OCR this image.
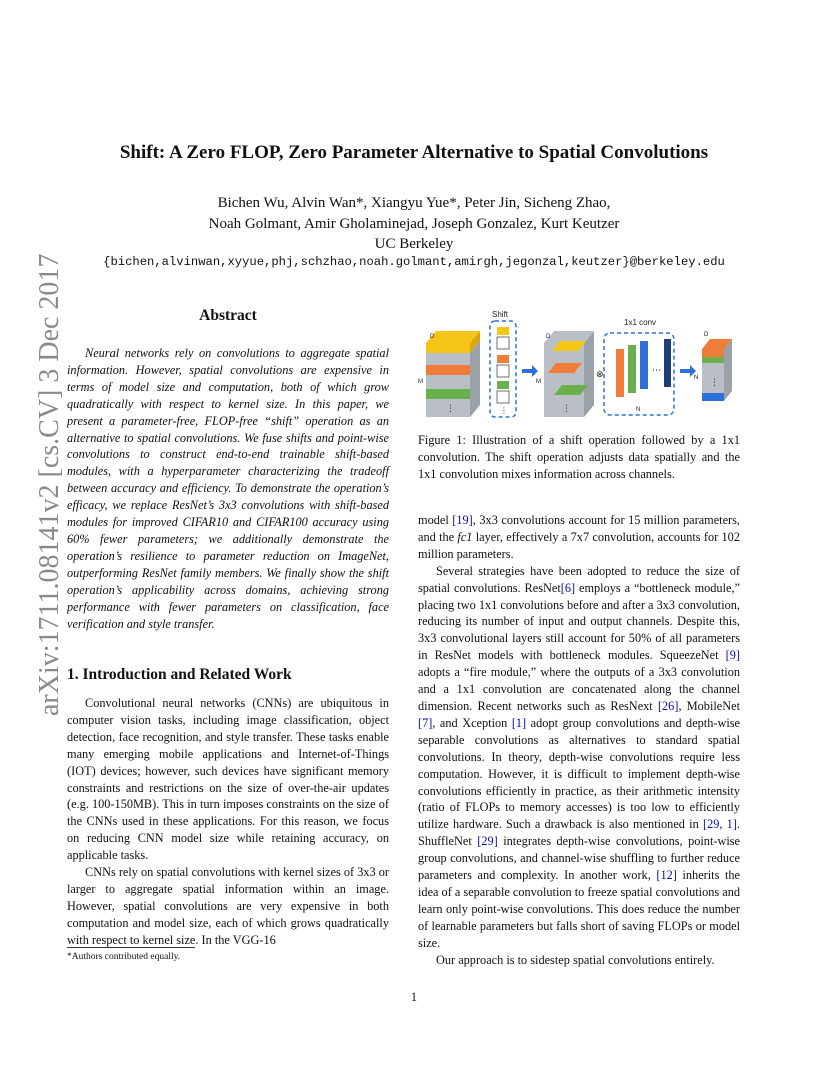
Shift: A Zero FLOP, Zero Parameter Alternative to Spatial Convolutions
Bichen Wu, Alvin Wan*, Xiangyu Yue*, Peter Jin, Sicheng Zhao,
Noah Golmant, Amir Gholaminejad, Joseph Gonzalez, Kurt Keutzer
UC Berkeley
{bichen,alvinwan,xyyue,phj,schzhao,noah.golmant,amirgh,jegonzal,keutzer}@berkeley.edu
arXiv:1711.08141v2 [cs.CV] 3 Dec 2017	Abstract

Neural networks rely on convolutions to aggregate spatial information. However, spatial convolutions are expensive in terms of model size and computation, both of which grow quadratically with respect to kernel size. In this paper, we present a parameter-free, FLOP-free “shift” operation as an alternative to spatial convolutions. We fuse shifts and point-wise convolutions to construct end-to-end trainable shift-based modules, with a hyperparameter characterizing the tradeoff between accuracy and efficiency. To demonstrate the operation’s efficacy, we replace ResNet’s 3x3 convolutions with shift-based modules for improved CIFAR10 and CIFAR100 accuracy using 60% fewer parameters; we additionally demonstrate the operation’s resilience to parameter reduction on ImageNet, outperforming ResNet family members. We finally show the shift operation’s applicability across domains, achieving strong performance with fewer parameters on classification, face verification and style transfer.

1. Introduction and Related Work

Convolutional neural networks (CNNs) are ubiquitous in computer vision tasks, including image classification, object detection, face recognition, and style transfer. These tasks enable many emerging mobile applications and Internet-of-Things (IOT) devices; however, such devices have significant memory constraints and restrictions on the size of over-the-air updates (e.g. 100-150MB). This in turn imposes constraints on the size of the CNNs used in these applications. For this reason, we focus on reducing CNN model size while retaining accuracy, on applicable tasks.

CNNs rely on spatial convolutions with kernel sizes of 3x3 or larger to aggregate spatial information within an image. However, spatial convolutions are very expensive in both computation and model size, each of which grows quadratically with respect to kernel size. In the VGG-16

*Authors contributed equally.
⋮
M
D
Shift
⋮	⋮
M
D
⊗
1x1 conv
⋯
N
⋮
N
D
Figure 1: Illustration of a shift operation followed by a 1x1 convolution. The shift operation adjusts data spatially and the 1x1 convolution mixes information across channels.

model [19], 3x3 convolutions account for 15 million parameters, and the fc1 layer, effectively a 7x7 convolution, accounts for 102 million parameters.

Several strategies have been adopted to reduce the size of spatial convolutions. ResNet[6] employs a “bottleneck module,” placing two 1x1 convolutions before and after a 3x3 convolution, reducing its number of input and output channels. Despite this, 3x3 convolutional layers still account for 50% of all parameters in ResNet models with bottleneck modules. SqueezeNet [9] adopts a “fire module,” where the outputs of a 3x3 convolution and a 1x1 convolution are concatenated along the channel dimension. Recent networks such as ResNext [26], MobileNet [7], and Xception [1] adopt group convolutions and depth-wise separable convolutions as alternatives to standard spatial convolutions. In theory, depth-wise convolutions require less computation. However, it is difficult to implement depth-wise convolutions efficiently in practice, as their arithmetic intensity (ratio of FLOPs to memory accesses) is too low to efficiently utilize hardware. Such a drawback is also mentioned in [29, 1]. ShuffleNet [29] integrates depth-wise convolutions, point-wise group convolutions, and channel-wise shuffling to further reduce parameters and complexity. In another work, [12] inherits the idea of a separable convolution to freeze spatial convolutions and learn only point-wise convolutions. This does reduce the number of learnable parameters but falls short of saving FLOPs or model size.

Our approach is to sidestep spatial convolutions entirely.

1
